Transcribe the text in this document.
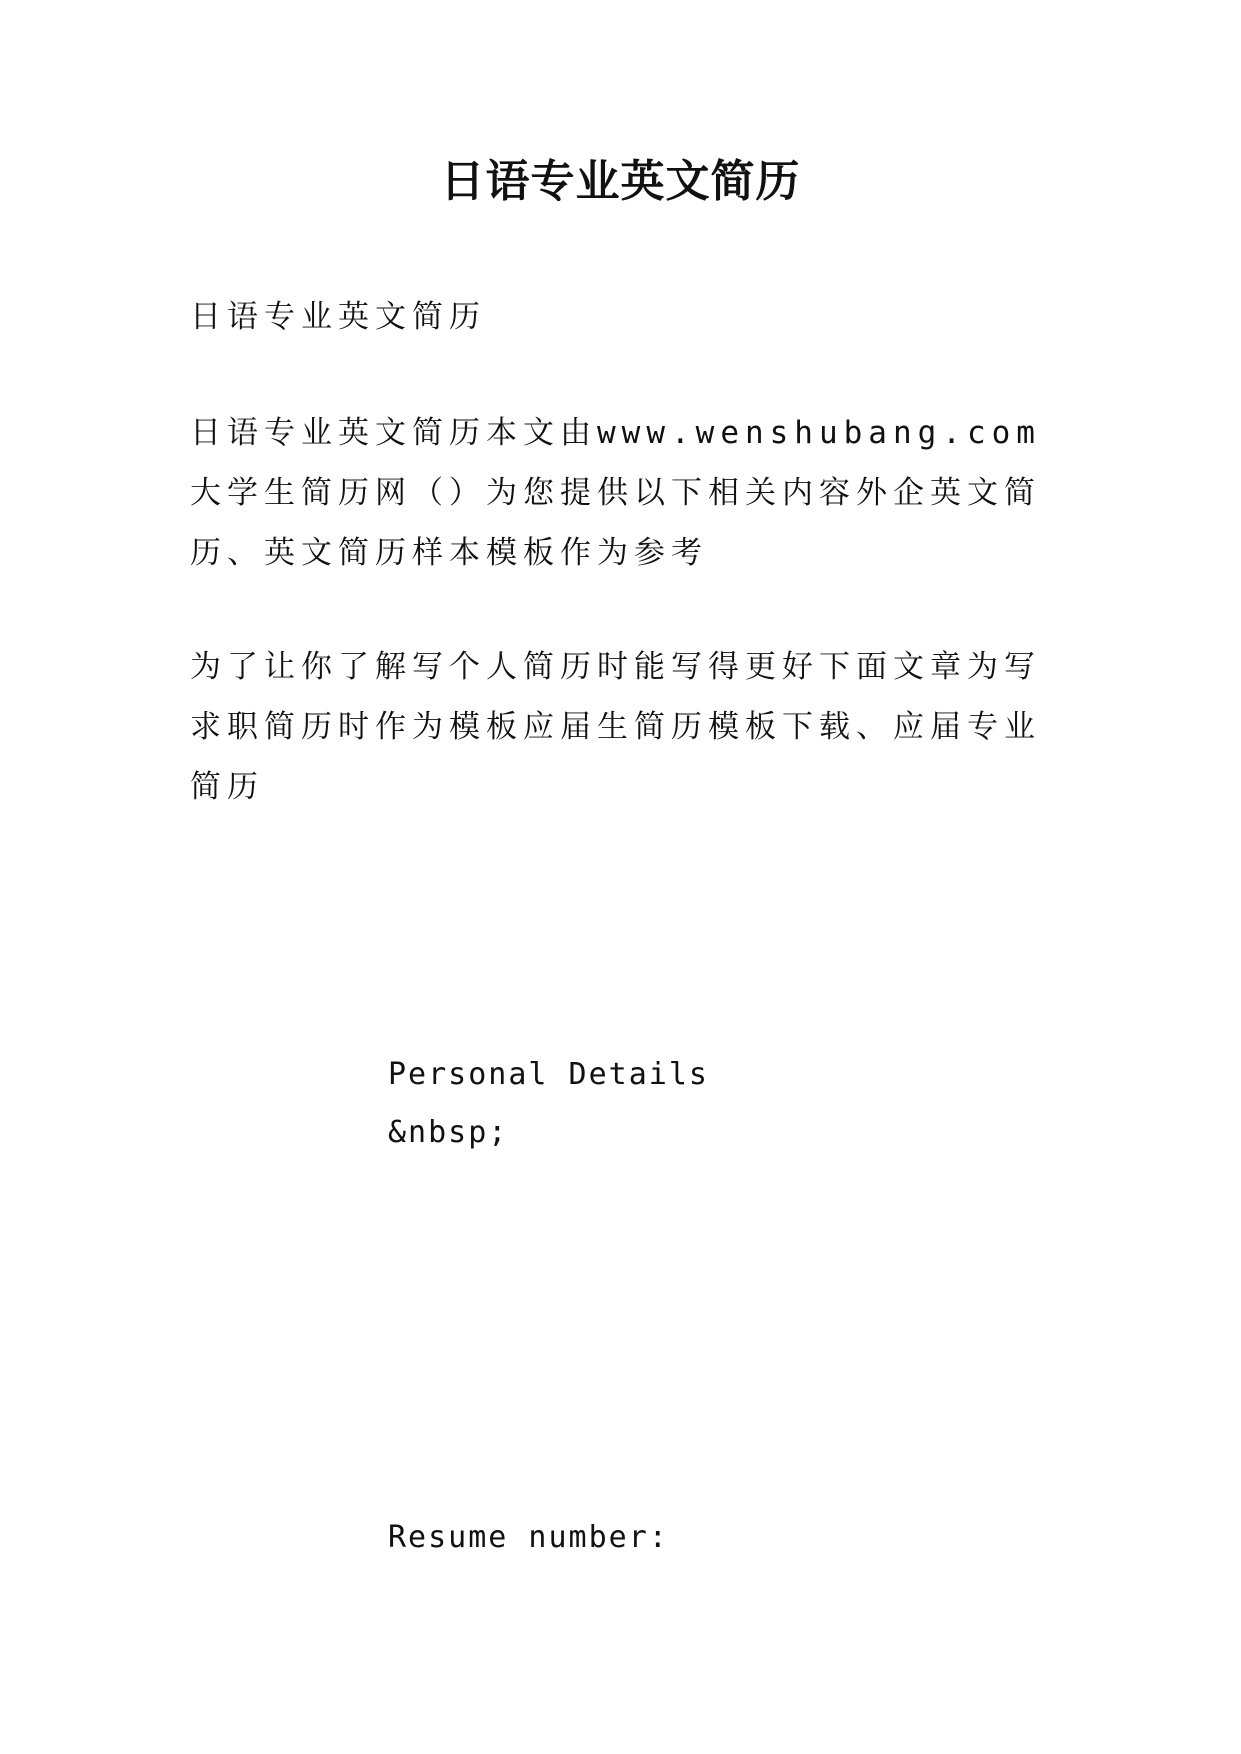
日语专业英文简历
日语专业英文简历
日语专业英文简历本文由www.wenshubang.com大学生简历网（）为您提供以下相关内容外企英文简历、英文简历样本模板作为参考
为了让你了解写个人简历时能写得更好下面文章为写求职简历时作为模板应届生简历模板下载、应届专业简历
Personal Details
&nbsp;
Resume number:
